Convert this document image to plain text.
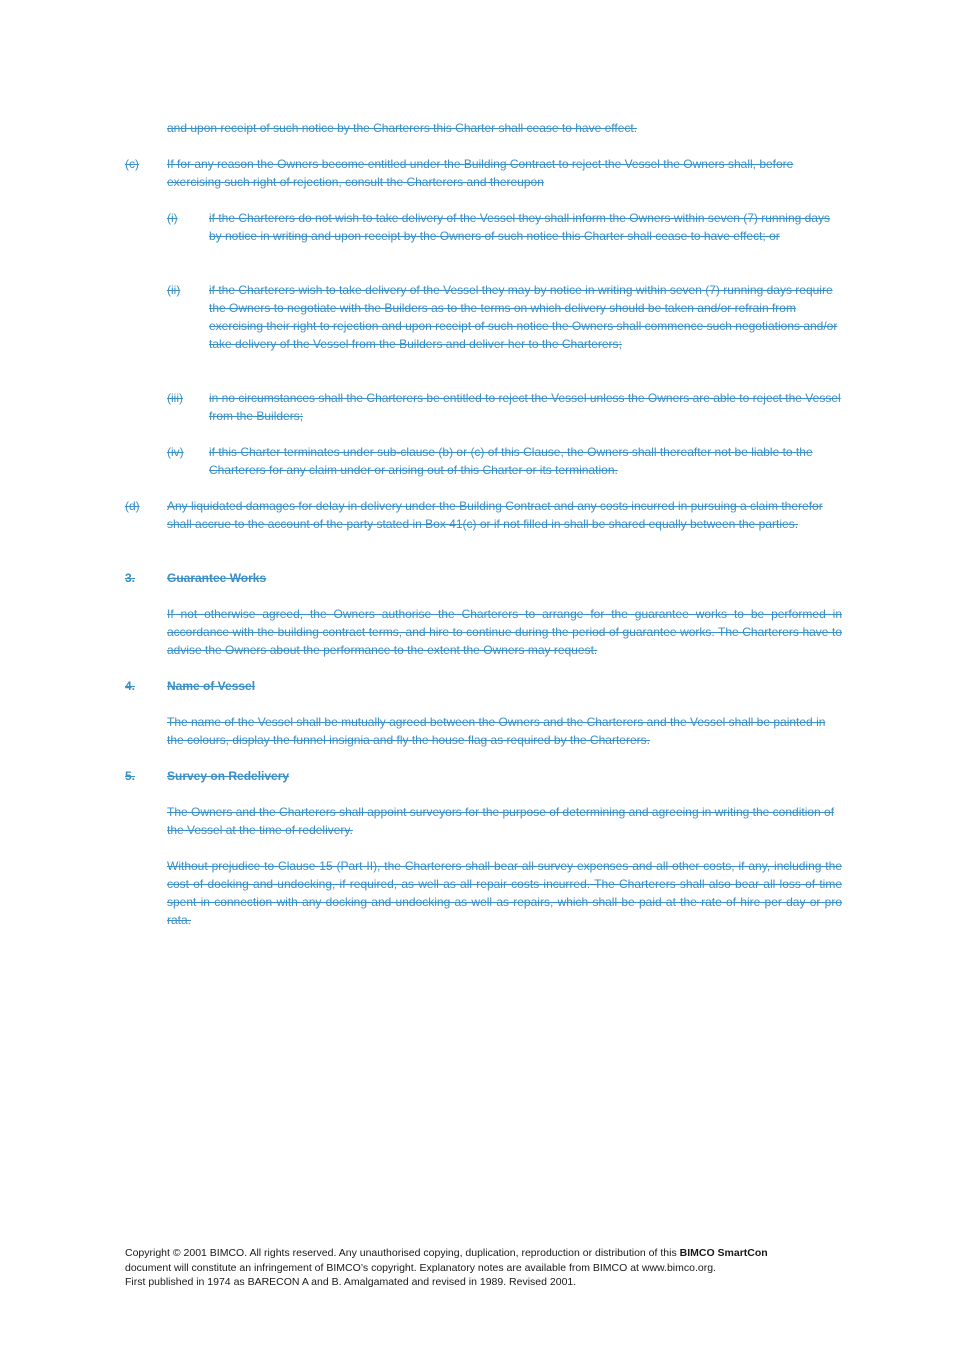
and upon receipt of such notice by the Charterers this Charter shall cease to have effect.
(c) If for any reason the Owners become entitled under the Building Contract to reject the Vessel the Owners shall, before exercising such right of rejection, consult the Charterers and thereupon
(i)	if the Charterers do not wish to take delivery of the Vessel they shall inform the Owners within seven (7) running days by notice in writing and upon receipt by the Owners of such notice this Charter shall cease to have effect; or
(ii) if the Charterers wish to take delivery of the Vessel they may by notice in writing within seven (7) running days require the Owners to negotiate with the Builders as to the terms on which delivery should be taken and/or refrain from exercising their right to rejection and upon receipt of such notice the Owners shall commence such negotiations and/or take delivery of the Vessel from the Builders and deliver her to the Charterers;
(iii) in no circumstances shall the Charterers be entitled to reject the Vessel unless the Owners are able to reject the Vessel from the Builders;
(iv) if this Charter terminates under sub-clause (b) or (c) of this Clause, the Owners shall thereafter not be liable to the Charterers for any claim under or arising out of this Charter or its termination.
(d) Any liquidated damages for delay in delivery under the Building Contract and any costs incurred in pursuing a claim therefor shall accrue to the account of the party stated in Box 41(c) or if not filled in shall be shared equally between the parties.
3.	Guarantee Works
If not otherwise agreed, the Owners authorise the Charterers to arrange for the guarantee works to be performed in accordance with the building contract terms, and hire to continue during the period of guarantee works. The Charterers have to advise the Owners about the performance to the extent the Owners may request.
4.	Name of Vessel
The name of the Vessel shall be mutually agreed between the Owners and the Charterers and the Vessel shall be painted in the colours, display the funnel insignia and fly the house flag as required by the Charterers.
5.	Survey on Redelivery
The Owners and the Charterers shall appoint surveyors for the purpose of determining and agreeing in writing the condition of the Vessel at the time of redelivery.
Without prejudice to Clause 15 (Part II), the Charterers shall bear all survey expenses and all other costs, if any, including the cost of docking and undocking, if required, as well as all repair costs incurred. The Charterers shall also bear all loss of time spent in connection with any docking and undocking as well as repairs, which shall be paid at the rate of hire per day or pro rata.
Copyright © 2001 BIMCO. All rights reserved. Any unauthorised copying, duplication, reproduction or distribution of this BIMCO SmartCon
document will constitute an infringement of BIMCO’s copyright. Explanatory notes are available from BIMCO at www.bimco.org.
First published in 1974 as BARECON A and B. Amalgamated and revised in 1989. Revised 2001.
